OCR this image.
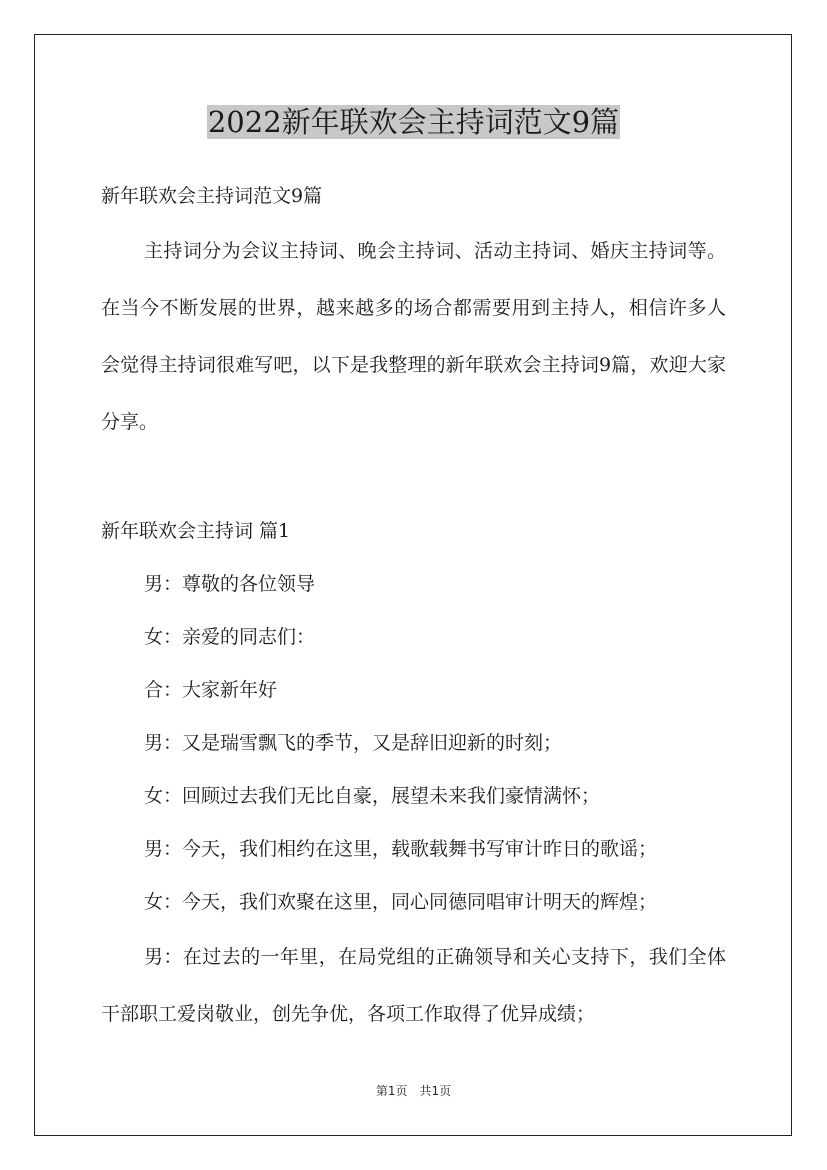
2022新年联欢会主持词范文9篇

新年联欢会主持词范文9篇

主持词分为会议主持词、晚会主持词、活动主持词、婚庆主持词等。在当今不断发展的世界，越来越多的场合都需要用到主持人，相信许多人会觉得主持词很难写吧，以下是我整理的新年联欢会主持词9篇，欢迎大家分享。

新年联欢会主持词 篇1

男：尊敬的各位领导

女：亲爱的同志们：

合：大家新年好

男：又是瑞雪飘飞的季节，又是辞旧迎新的时刻；

女：回顾过去我们无比自豪，展望未来我们豪情满怀；

男：今天，我们相约在这里，载歌载舞书写审计昨日的歌谣；

女：今天，我们欢聚在这里，同心同德同唱审计明天的辉煌；

男：在过去的一年里，在局党组的正确领导和关心支持下，我们全体干部职工爱岗敬业，创先争优，各项工作取得了优异成绩；

第1页　共1页
